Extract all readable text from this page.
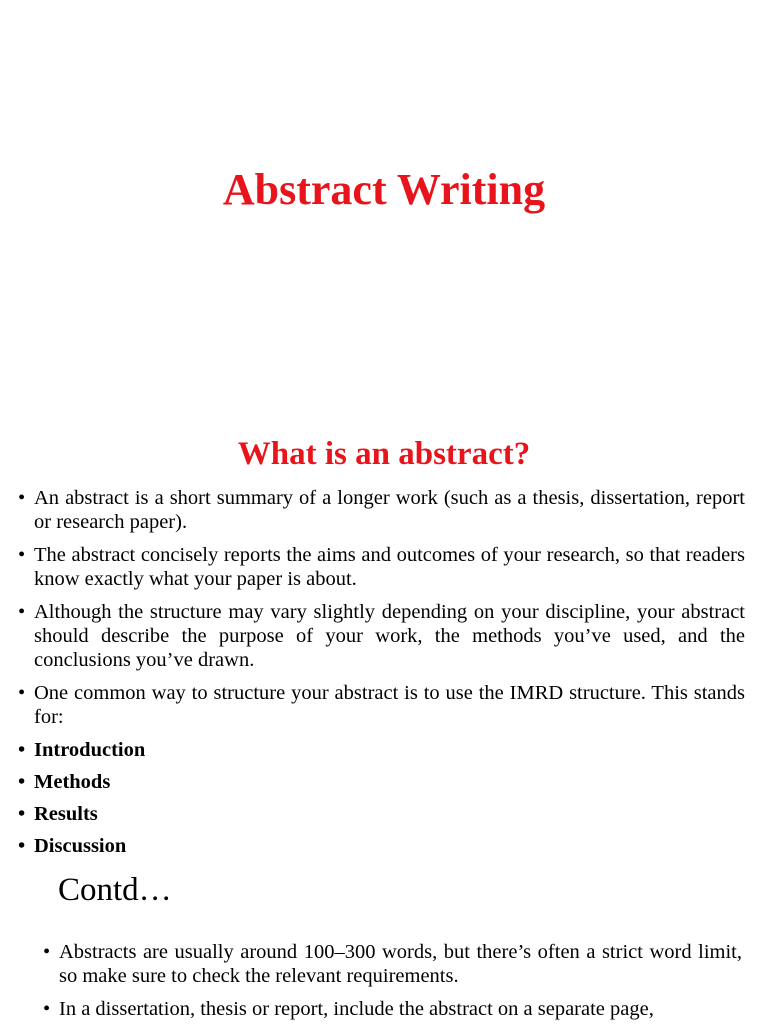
Abstract Writing
What is an abstract?
• An abstract is a short summary of a longer work (such as a thesis, dissertation, report or research paper).
• The abstract concisely reports the aims and outcomes of your research, so that readers know exactly what your paper is about.
• Although the structure may vary slightly depending on your discipline, your abstract should describe the purpose of your work, the methods you’ve used, and the conclusions you’ve drawn.
• One common way to structure your abstract is to use the IMRD structure. This stands for:
• Introduction
• Methods
• Results
• Discussion
Contd…
• Abstracts are usually around 100–300 words, but there’s often a strict word limit, so make sure to check the relevant requirements.
• In a dissertation, thesis or report, include the abstract on a separate page,
